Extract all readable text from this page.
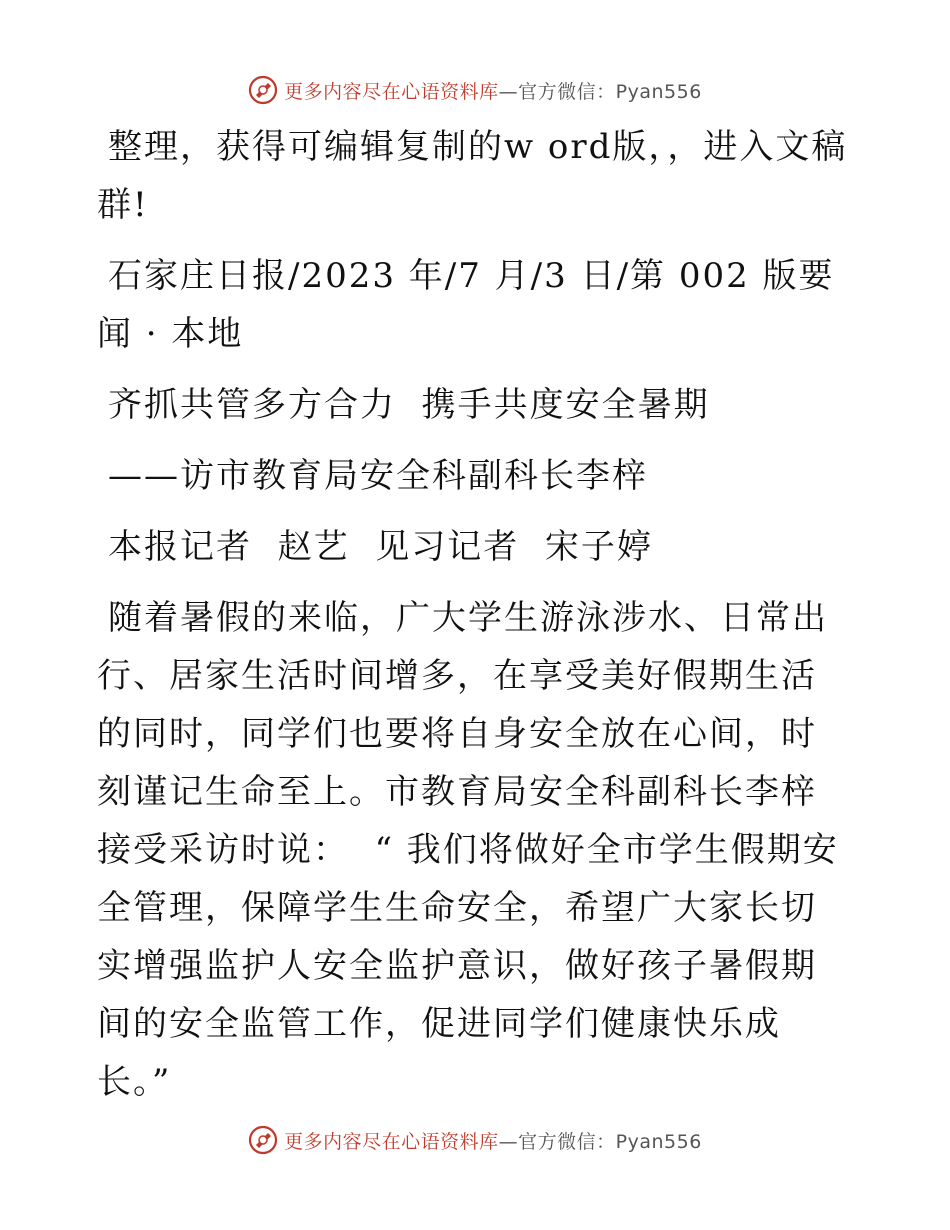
更多内容尽在心语资料库—官方微信：Pyan556

整理，获得可编辑复制的w ord版，，进入文稿群!

石家庄日报/2023 年/7 月/3 日/第 002 版要闻 · 本地

齐抓共管多方合力  携手共度安全暑期

——访市教育局安全科副科长李梓

本报记者  赵艺  见习记者  宋子婷

随着暑假的来临，广大学生游泳涉水、日常出行、居家生活时间增多，在享受美好假期生活的同时，同学们也要将自身安全放在心间，时刻谨记生命至上。市教育局安全科副科长李梓接受采访时说：  “ 我们将做好全市学生假期安全管理，保障学生生命安全，希望广大家长切实增强监护人安全监护意识，做好孩子暑假期间的安全监管工作，促进同学们健康快乐成长。”

更多内容尽在心语资料库—官方微信：Pyan556
